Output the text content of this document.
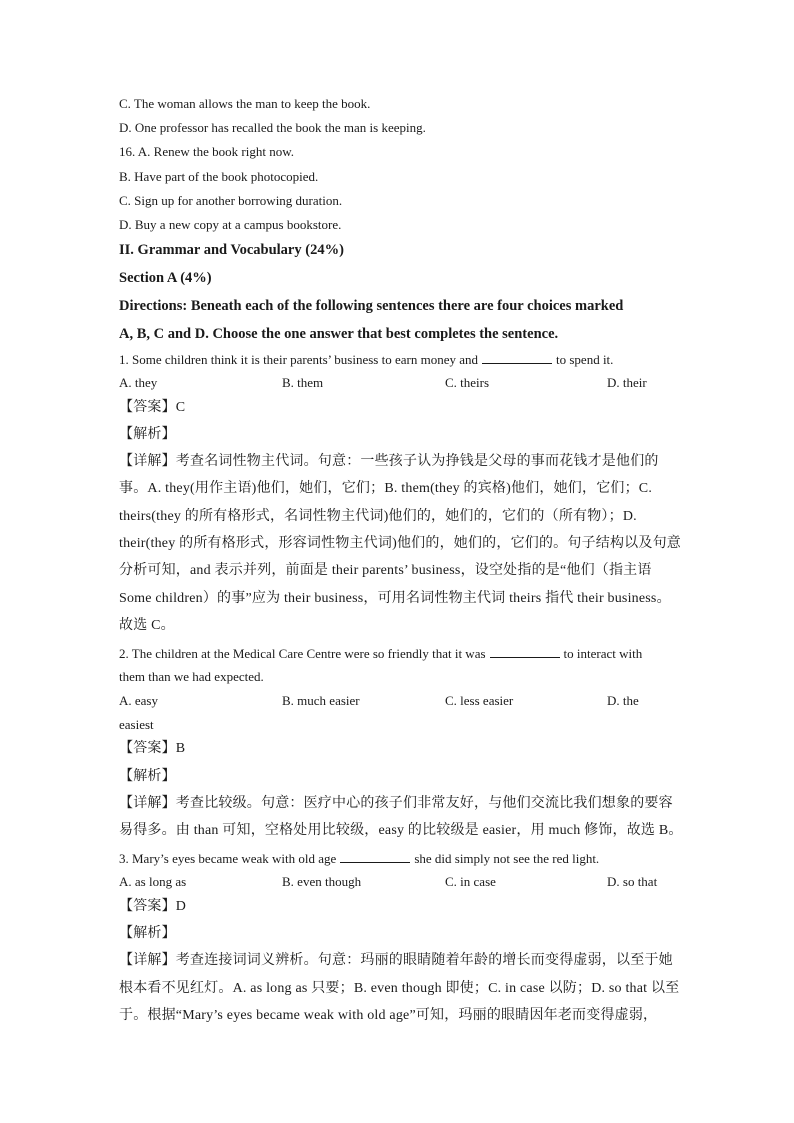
C. The woman allows the man to keep the book.
D. One professor has recalled the book the man is keeping.
16. A. Renew the book right now.
B. Have part of the book photocopied.
C. Sign up for another borrowing duration.
D. Buy a new copy at a campus bookstore.
II. Grammar and Vocabulary (24%)
Section A (4%)
Directions: Beneath each of the following sentences there are four choices marked
A, B, C and D. Choose the one answer that best completes the sentence.
1. Some children think it is their parents’ business to earn money and	to spend it.
A. they	B. them	C. theirs	D. their
【答案】C
【解析】
【详解】考查名词性物主代词。句意：一些孩子认为挣钱是父母的事而花钱才是他们的
事。A. they(用作主语)他们，她们，它们；B. them(they 的宾格)他们，她们，它们；C.
theirs(they 的所有格形式，名词性物主代词)他们的，她们的，它们的（所有物）；D.
their(they 的所有格形式，形容词性物主代词)他们的，她们的，它们的。句子结构以及句意
分析可知，and 表示并列，前面是 their parents’ business，设空处指的是“他们（指主语
Some children）的事”应为 their business，可用名词性物主代词 theirs 指代 their business。
故选 C。
2. The children at the Medical Care Centre were so friendly that it was	to interact with
them than we had expected.
A. easy	B. much easier	C. less easier	D. the
easiest
【答案】B
【解析】
【详解】考查比较级。句意：医疗中心的孩子们非常友好，与他们交流比我们想象的要容
易得多。由 than 可知，空格处用比较级，easy 的比较级是 easier，用 much 修饰，故选 B。
3. Mary’s eyes became weak with old age	she did simply not see the red light.
A. as long as	B. even though	C. in case	D. so that
【答案】D
【解析】
【详解】考查连接词词义辨析。句意：玛丽的眼睛随着年龄的增长而变得虚弱，以至于她
根本看不见红灯。A. as long as 只要；B. even though 即使；C. in case 以防；D. so that 以至
于。根据“Mary’s eyes became weak with old age”可知，玛丽的眼睛因年老而变得虚弱，
